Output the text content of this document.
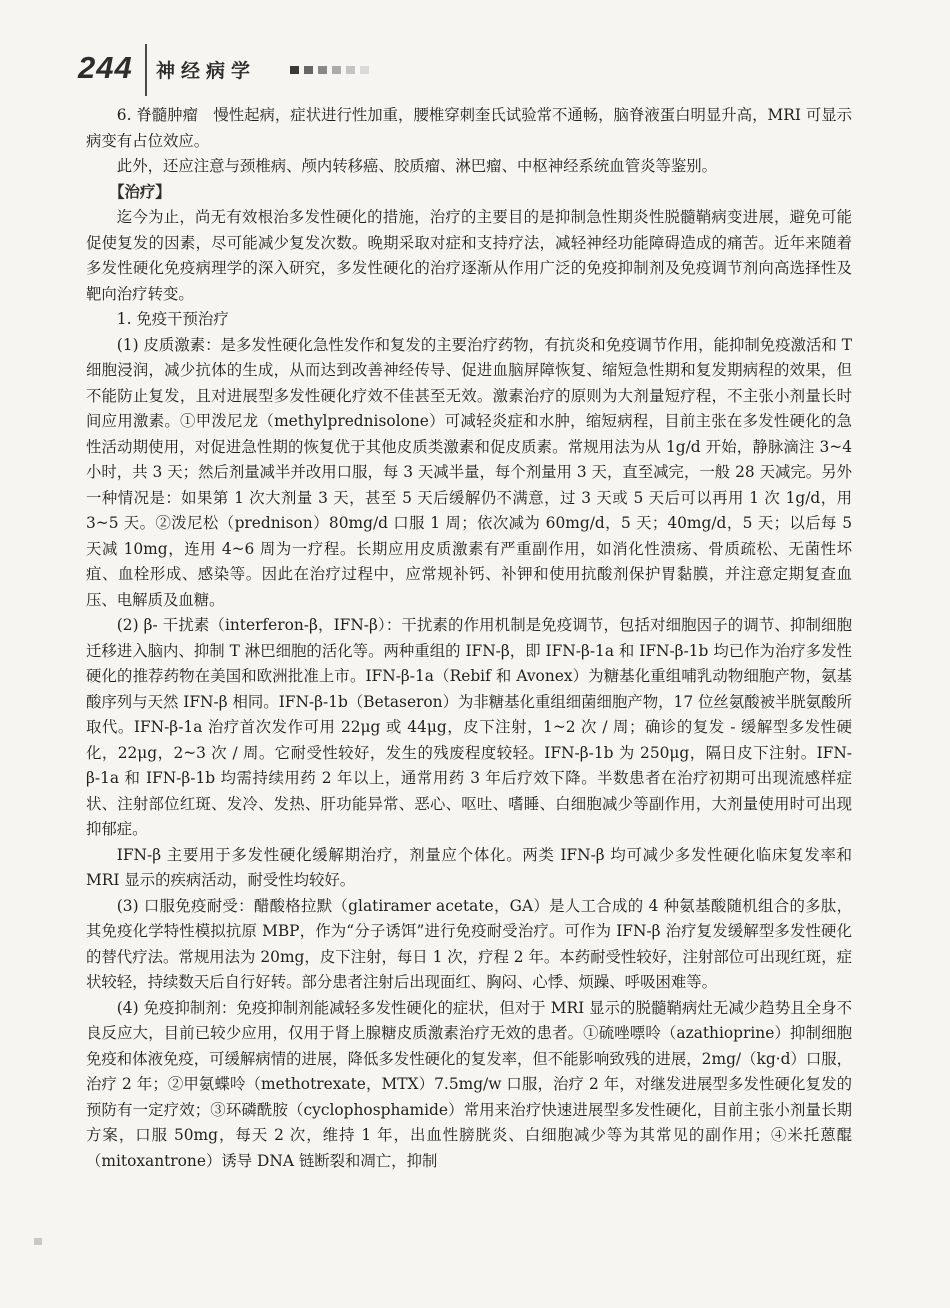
244 神经病学

6. 脊髓肿瘤　慢性起病，症状进行性加重，腰椎穿刺奎氏试验常不通畅，脑脊液蛋白明显升高，MRI 可显示病变有占位效应。

此外，还应注意与颈椎病、颅内转移癌、胶质瘤、淋巴瘤、中枢神经系统血管炎等鉴别。

【治疗】

迄今为止，尚无有效根治多发性硬化的措施，治疗的主要目的是抑制急性期炎性脱髓鞘病变进展，避免可能促使复发的因素，尽可能减少复发次数。晚期采取对症和支持疗法，减轻神经功能障碍造成的痛苦。近年来随着多发性硬化免疫病理学的深入研究，多发性硬化的治疗逐渐从作用广泛的免疫抑制剂及免疫调节剂向高选择性及靶向治疗转变。

1. 免疫干预治疗

(1) 皮质激素：是多发性硬化急性发作和复发的主要治疗药物，有抗炎和免疫调节作用，能抑制免疫激活和 T 细胞浸润，减少抗体的生成，从而达到改善神经传导、促进血脑屏障恢复、缩短急性期和复发期病程的效果，但不能防止复发，且对进展型多发性硬化疗效不佳甚至无效。激素治疗的原则为大剂量短疗程，不主张小剂量长时间应用激素。①甲泼尼龙（methylprednisolone）可减轻炎症和水肿，缩短病程，目前主张在多发性硬化的急性活动期使用，对促进急性期的恢复优于其他皮质类激素和促皮质素。常规用法为从 1g/d 开始，静脉滴注 3~4 小时，共 3 天；然后剂量减半并改用口服，每 3 天减半量，每个剂量用 3 天，直至减完，一般 28 天减完。另外一种情况是：如果第 1 次大剂量 3 天，甚至 5 天后缓解仍不满意，过 3 天或 5 天后可以再用 1 次 1g/d，用 3~5 天。②泼尼松（prednison）80mg/d 口服 1 周；依次减为 60mg/d，5 天；40mg/d，5 天；以后每 5 天减 10mg，连用 4~6 周为一疗程。长期应用皮质激素有严重副作用，如消化性溃疡、骨质疏松、无菌性坏疽、血栓形成、感染等。因此在治疗过程中，应常规补钙、补钾和使用抗酸剂保护胃黏膜，并注意定期复查血压、电解质及血糖。

(2) β- 干扰素（interferon-β，IFN-β）：干扰素的作用机制是免疫调节，包括对细胞因子的调节、抑制细胞迁移进入脑内、抑制 T 淋巴细胞的活化等。两种重组的 IFN-β，即 IFN-β-1a 和 IFN-β-1b 均已作为治疗多发性硬化的推荐药物在美国和欧洲批准上市。IFN-β-1a（Rebif 和 Avonex）为糖基化重组哺乳动物细胞产物，氨基酸序列与天然 IFN-β 相同。IFN-β-1b（Betaseron）为非糖基化重组细菌细胞产物，17 位丝氨酸被半胱氨酸所取代。IFN-β-1a 治疗首次发作可用 22μg 或 44μg，皮下注射，1~2 次 / 周；确诊的复发 - 缓解型多发性硬化，22μg，2~3 次 / 周。它耐受性较好，发生的残废程度较轻。IFN-β-1b 为 250μg，隔日皮下注射。IFN-β-1a 和 IFN-β-1b 均需持续用药 2 年以上，通常用药 3 年后疗效下降。半数患者在治疗初期可出现流感样症状、注射部位红斑、发冷、发热、肝功能异常、恶心、呕吐、嗜睡、白细胞减少等副作用，大剂量使用时可出现抑郁症。

IFN-β 主要用于多发性硬化缓解期治疗，剂量应个体化。两类 IFN-β 均可减少多发性硬化临床复发率和 MRI 显示的疾病活动，耐受性均较好。

(3) 口服免疫耐受：醋酸格拉默（glatiramer acetate，GA）是人工合成的 4 种氨基酸随机组合的多肽，其免疫化学特性模拟抗原 MBP，作为“分子诱饵”进行免疫耐受治疗。可作为 IFN-β 治疗复发缓解型多发性硬化的替代疗法。常规用法为 20mg，皮下注射，每日 1 次，疗程 2 年。本药耐受性较好，注射部位可出现红斑，症状较轻，持续数天后自行好转。部分患者注射后出现面红、胸闷、心悸、烦躁、呼吸困难等。

(4) 免疫抑制剂：免疫抑制剂能减轻多发性硬化的症状，但对于 MRI 显示的脱髓鞘病灶无减少趋势且全身不良反应大，目前已较少应用，仅用于肾上腺糖皮质激素治疗无效的患者。①硫唑嘌呤（azathioprine）抑制细胞免疫和体液免疫，可缓解病情的进展，降低多发性硬化的复发率，但不能影响致残的进展，2mg/（kg·d）口服，治疗 2 年；②甲氨蝶呤（methotrexate，MTX）7.5mg/w 口服，治疗 2 年，对继发进展型多发性硬化复发的预防有一定疗效；③环磷酰胺（cyclophosphamide）常用来治疗快速进展型多发性硬化，目前主张小剂量长期方案，口服 50mg，每天 2 次，维持 1 年，出血性膀胱炎、白细胞减少等为其常见的副作用；④米托蒽醌（mitoxantrone）诱导 DNA 链断裂和凋亡，抑制
